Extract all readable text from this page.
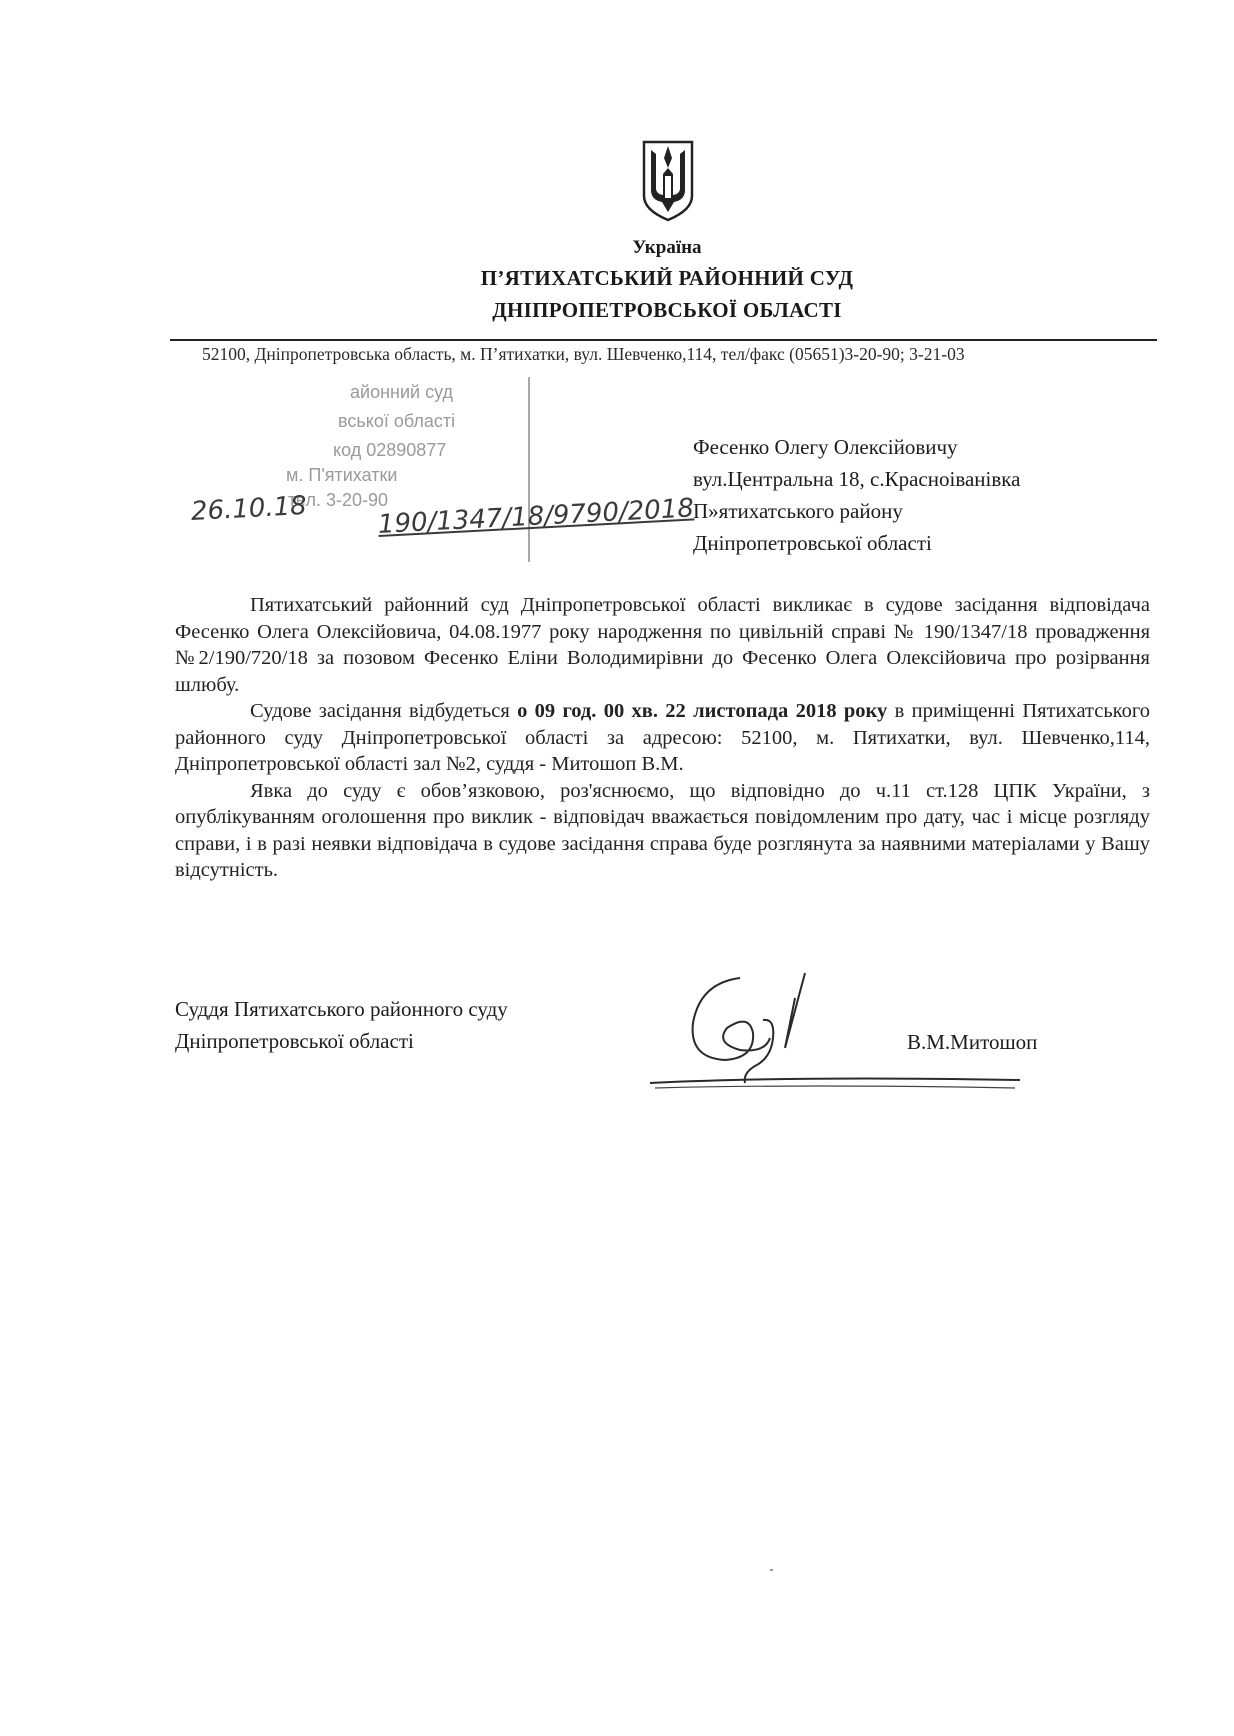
Україна
П’ЯТИХАТСЬКИЙ РАЙОННИЙ СУД
ДНІПРОПЕТРОВСЬКОЇ ОБЛАСТІ
52100, Дніпропетровська область, м. П’ятихатки, вул. Шевченко,114, тел/факс (05651)3-20-90; 3-21-03
айонний суд
вської області
код 02890877
м. П'ятихатки
тел. 3-20-90
26.10.18	190/1347/18/9790/2018
Фесенко Олегу Олексійовичу
вул.Центральна 18, с.Красноіванівка
П»ятихатського району
Дніпропетровської області

Пятихатський районний суд Дніпропетровської області викликає в судове засідання відповідача Фесенко Олега Олексійовича, 04.08.1977 року народження по цивільній справі № 190/1347/18 провадження №2/190/720/18 за позовом Фесенко Еліни Володимирівни до Фесенко Олега Олексійовича про розірвання шлюбу.

Судове засідання відбудеться о 09 год. 00 хв. 22 листопада 2018 року в приміщенні Пятихатського районного суду Дніпропетровської області за адресою: 52100, м. Пятихатки, вул. Шевченко,114, Дніпропетровської області зал №2, суддя - Митошоп В.М.

Явка до суду є обов’язковою, роз'яснюємо, що відповідно до ч.11 ст.128 ЦПК України, з опублікуванням оголошення про виклик - відповідач вважається повідомленим про дату, час і місце розгляду справи, і в разі неявки відповідача в судове засідання справа буде розглянута за наявними матеріалами у Вашу відсутність.

Суддя Пятихатського районного суду
Дніпропетровської області	В.М.Митошоп
